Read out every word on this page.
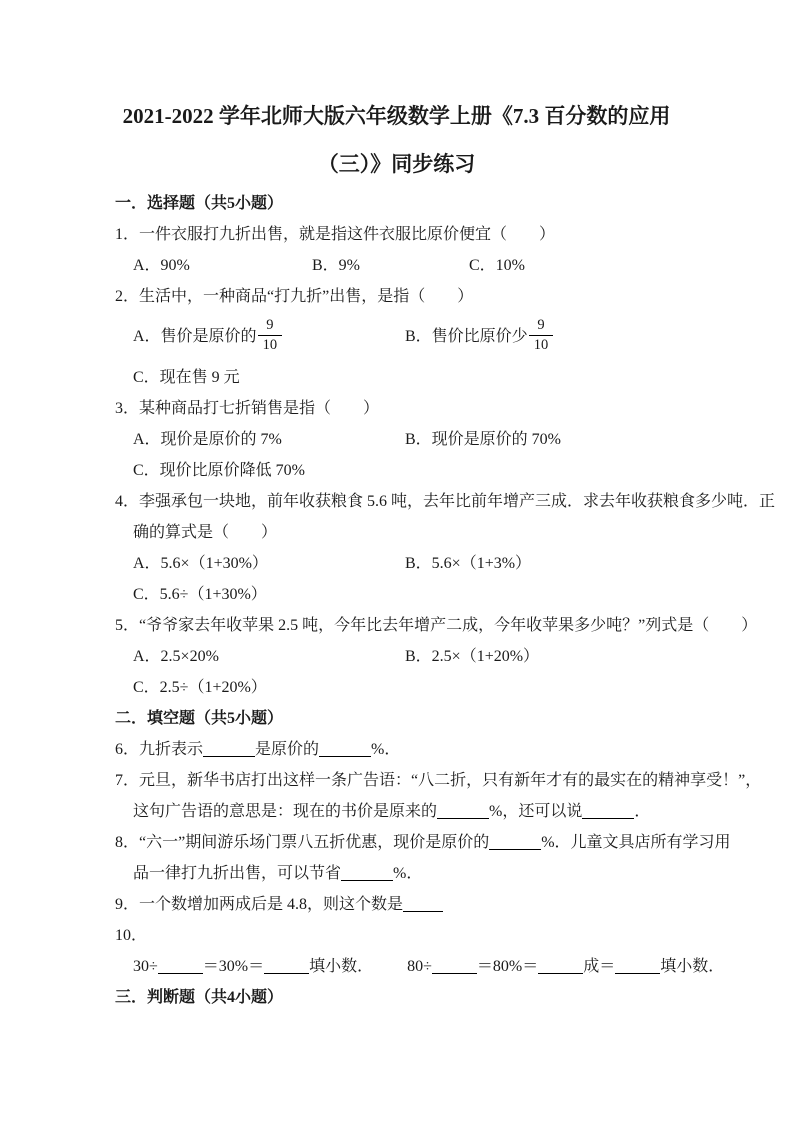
2021-2022 学年北师大版六年级数学上册《7.3 百分数的应用
（三）》同步练习
一．选择题（共5小题）
1．一件衣服打九折出售，就是指这件衣服比原价便宜（　　）
A．90%	B．9%	C．10%
2．生活中，一种商品“打九折”出售，是指（　　）
A．售价是原价的 $\frac{9}{10}$	B．售价比原价少 $\frac{9}{10}$
C．现在售 9 元
3．某种商品打七折销售是指（　　）
A．现价是原价的 7%	B．现价是原价的 70%
C．现价比原价降低 70%
4．李强承包一块地，前年收获粮食 5.6 吨，去年比前年增产三成．求去年收获粮食多少吨．正
确的算式是（　　）
A．5.6×（1+30%）	B．5.6×（1+3%）
C．5.6÷（1+30%）
5．“爷爷家去年收苹果 2.5 吨，今年比去年增产二成，今年收苹果多少吨？”列式是（　　）
A．2.5×20%	B．2.5×（1+20%）
C．2.5÷（1+20%）
二．填空题（共5小题）
6．九折表示	是原价的	%．
7．元旦，新华书店打出这样一条广告语：“八二折，只有新年才有的最实在的精神享受！”，
这句广告语的意思是：现在的书价是原来的	%，还可以说	．
8．“六一”期间游乐场门票八五折优惠，现价是原价的	%．儿童文具店所有学习用
品一律打九折出售，可以节省	%．
9．一个数增加两成后是 4.8，则这个数是
10．
30÷	＝30%＝	填小数． 80÷	＝80%＝	成＝	填小数．
三．判断题（共4小题）
